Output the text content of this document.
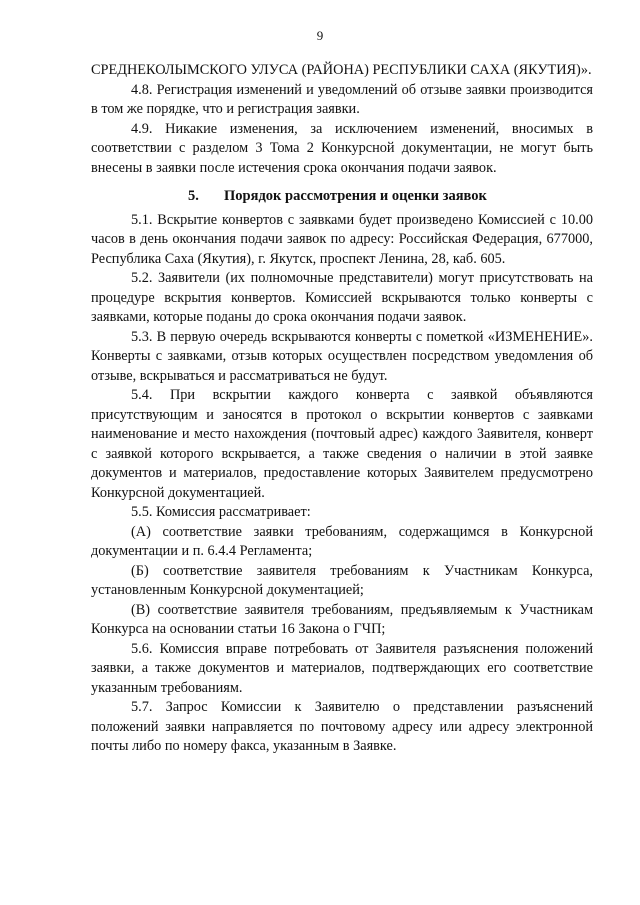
9

СРЕДНЕКОЛЫМСКОГО УЛУСА (РАЙОНА) РЕСПУБЛИКИ САХА (ЯКУТИЯ)».

4.8. Регистрация изменений и уведомлений об отзыве заявки производится в том же порядке, что и регистрация заявки.

4.9. Никакие изменения, за исключением изменений, вносимых в соответствии с разделом 3 Тома 2 Конкурсной документации, не могут быть внесены в заявки после истечения срока окончания подачи заявок.

5. Порядок рассмотрения и оценки заявок

5.1. Вскрытие конвертов с заявками будет произведено Комиссией с 10.00 часов в день окончания подачи заявок по адресу: Российская Федерация, 677000, Республика Саха (Якутия), г. Якутск, проспект Ленина, 28, каб. 605.

5.2. Заявители (их полномочные представители) могут присутствовать на процедуре вскрытия конвертов. Комиссией вскрываются только конверты с заявками, которые поданы до срока окончания подачи заявок.

5.3. В первую очередь вскрываются конверты с пометкой «ИЗМЕНЕНИЕ». Конверты с заявками, отзыв которых осуществлен посредством уведомления об отзыве, вскрываться и рассматриваться не будут.

5.4. При вскрытии каждого конверта с заявкой объявляются присутствующим и заносятся в протокол о вскрытии конвертов с заявками наименование и место нахождения (почтовый адрес) каждого Заявителя, конверт с заявкой которого вскрывается, а также сведения о наличии в этой заявке документов и материалов, предоставление которых Заявителем предусмотрено Конкурсной документацией.

5.5. Комиссия рассматривает:

(А) соответствие заявки требованиям, содержащимся в Конкурсной документации и п. 6.4.4 Регламента;

(Б) соответствие заявителя требованиям к Участникам Конкурса, установленным Конкурсной документацией;

(В) соответствие заявителя требованиям, предъявляемым к Участникам Конкурса на основании статьи 16 Закона о ГЧП;

5.6. Комиссия вправе потребовать от Заявителя разъяснения положений заявки, а также документов и материалов, подтверждающих его соответствие указанным требованиям.

5.7. Запрос Комиссии к Заявителю о представлении разъяснений положений заявки направляется по почтовому адресу или адресу электронной почты либо по номеру факса, указанным в Заявке.
